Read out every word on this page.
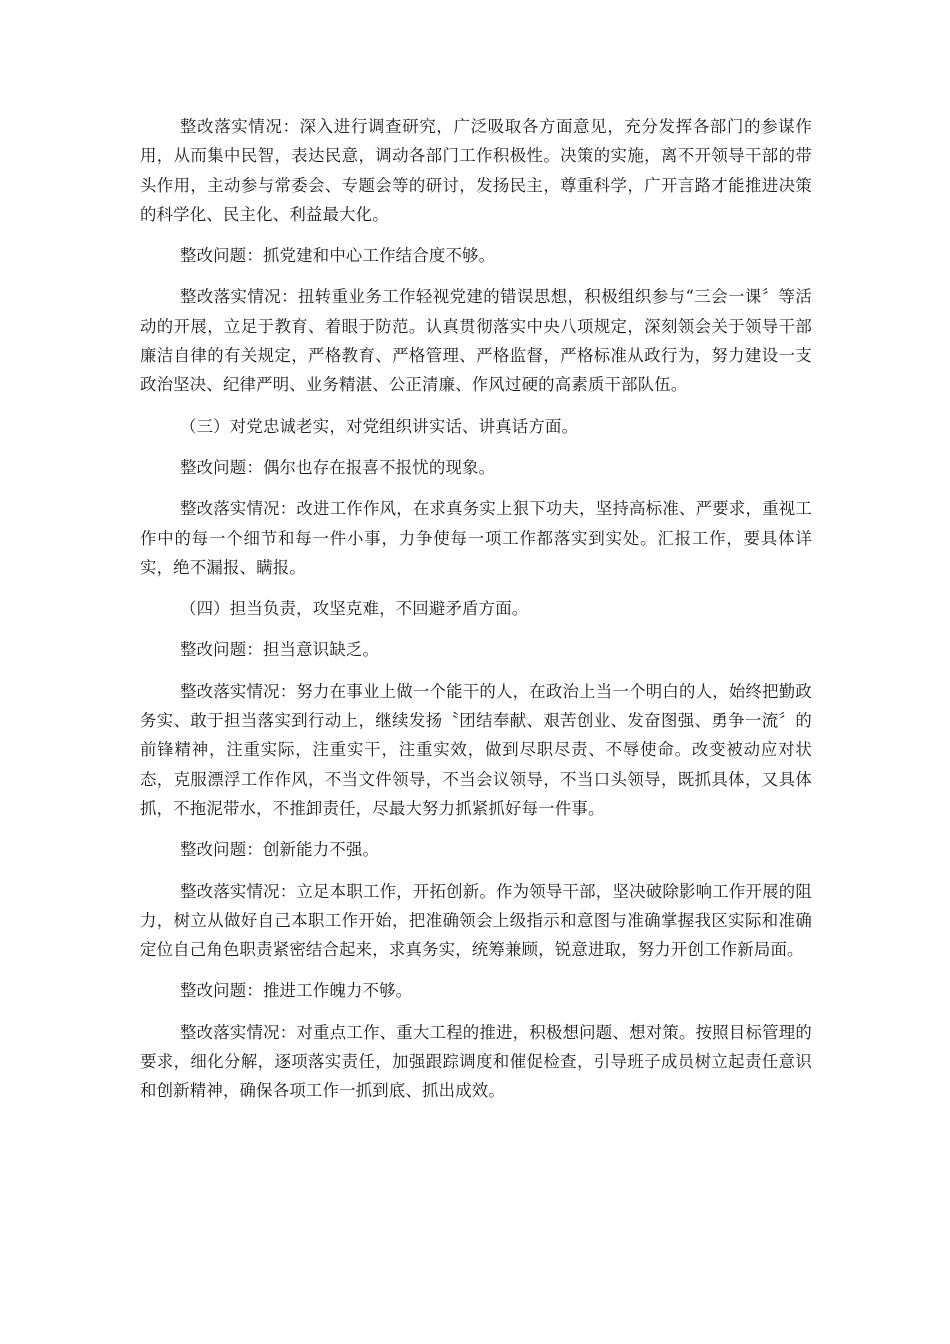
整改落实情况：深入进行调查研究，广泛吸取各方面意见，充分发挥各部门的参谋作用，从而集中民智，表达民意，调动各部门工作积极性。决策的实施，离不开领导干部的带头作用，主动参与常委会、专题会等的研讨，发扬民主，尊重科学，广开言路才能推进决策的科学化、民主化、利益最大化。

整改问题：抓党建和中心工作结合度不够。

整改落实情况：扭转重业务工作轻视党建的错误思想，积极组织参与“三会一课〞等活动的开展，立足于教育、着眼于防范。认真贯彻落实中央八项规定，深刻领会关于领导干部廉洁自律的有关规定，严格教育、严格管理、严格监督，严格标准从政行为，努力建设一支政治坚决、纪律严明、业务精湛、公正清廉、作风过硬的高素质干部队伍。

（三）对党忠诚老实，对党组织讲实话、讲真话方面。

整改问题：偶尔也存在报喜不报忧的现象。

整改落实情况：改进工作作风，在求真务实上狠下功夫，坚持高标准、严要求，重视工作中的每一个细节和每一件小事，力争使每一项工作都落实到实处。汇报工作，要具体详实，绝不漏报、瞒报。

（四）担当负责，攻坚克难，不回避矛盾方面。

整改问题：担当意识缺乏。

整改落实情况：努力在事业上做一个能干的人，在政治上当一个明白的人，始终把勤政务实、敢于担当落实到行动上，继续发扬〝团结奉献、艰苦创业、发奋图强、勇争一流〞的前锋精神，注重实际，注重实干，注重实效，做到尽职尽责、不辱使命。改变被动应对状态，克服漂浮工作作风，不当文件领导，不当会议领导，不当口头领导，既抓具体，又具体抓，不拖泥带水，不推卸责任，尽最大努力抓紧抓好每一件事。

整改问题：创新能力不强。

整改落实情况：立足本职工作，开拓创新。作为领导干部，坚决破除影响工作开展的阻力，树立从做好自己本职工作开始，把准确领会上级指示和意图与准确掌握我区实际和准确定位自己角色职责紧密结合起来，求真务实，统筹兼顾，锐意进取，努力开创工作新局面。

整改问题：推进工作魄力不够。

整改落实情况：对重点工作、重大工程的推进，积极想问题、想对策。按照目标管理的要求，细化分解，逐项落实责任，加强跟踪调度和催促检查，引导班子成员树立起责任意识和创新精神，确保各项工作一抓到底、抓出成效。
